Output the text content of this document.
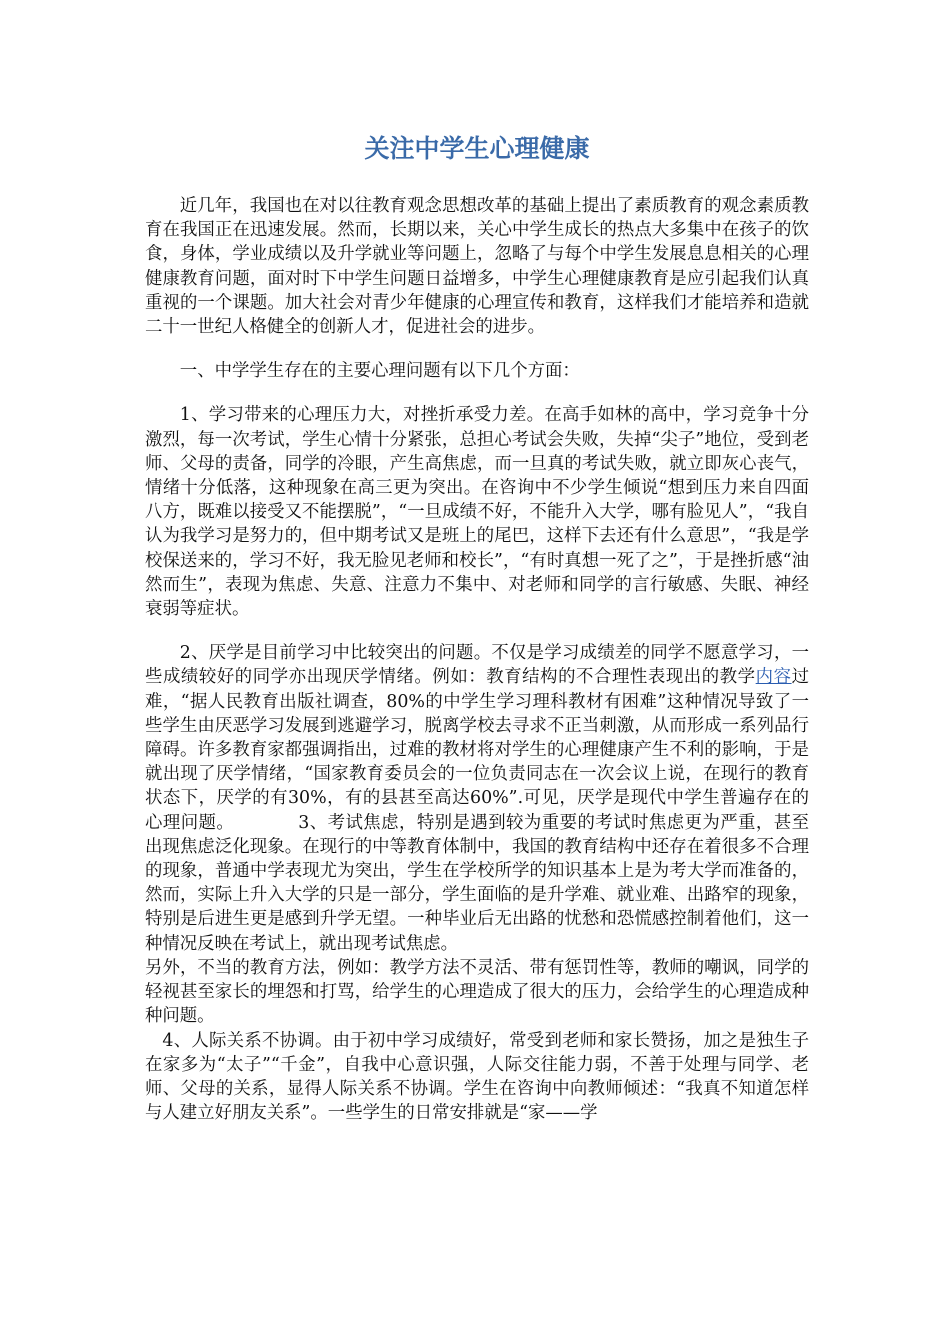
关注中学生心理健康

近几年，我国也在对以往教育观念思想改革的基础上提出了素质教育的观念素质教育在我国正在迅速发展。然而，长期以来，关心中学生成长的热点大多集中在孩子的饮食，身体，学业成绩以及升学就业等问题上，忽略了与每个中学生发展息息相关的心理健康教育问题，面对时下中学生问题日益增多，中学生心理健康教育是应引起我们认真重视的一个课题。加大社会对青少年健康的心理宣传和教育，这样我们才能培养和造就二十一世纪人格健全的创新人才，促进社会的进步。

一、中学学生存在的主要心理问题有以下几个方面：

1、学习带来的心理压力大，对挫折承受力差。在高手如林的高中，学习竞争十分激烈，每一次考试，学生心情十分紧张，总担心考试会失败，失掉“尖子”地位，受到老师、父母的责备，同学的冷眼，产生高焦虑，而一旦真的考试失败，就立即灰心丧气，情绪十分低落，这种现象在高三更为突出。在咨询中不少学生倾说“想到压力来自四面八方，既难以接受又不能摆脱”，“一旦成绩不好，不能升入大学，哪有脸见人”，“我自认为我学习是努力的，但中期考试又是班上的尾巴，这样下去还有什么意思”，“我是学校保送来的，学习不好，我无脸见老师和校长”，“有时真想一死了之”，于是挫折感“油然而生”，表现为焦虑、失意、注意力不集中、对老师和同学的言行敏感、失眠、神经衰弱等症状。

2、厌学是目前学习中比较突出的问题。不仅是学习成绩差的同学不愿意学习，一些成绩较好的同学亦出现厌学情绪。例如：教育结构的不合理性表现出的教学内容过难，“据人民教育出版社调查，80%的中学生学习理科教材有困难”这种情况导致了一些学生由厌恶学习发展到逃避学习，脱离学校去寻求不正当刺激，从而形成一系列品行障碍。许多教育家都强调指出，过难的教材将对学生的心理健康产生不利的影响，于是就出现了厌学情绪，“国家教育委员会的一位负责同志在一次会议上说，在现行的教育状态下，厌学的有30%，有的县甚至高达60%”.可见，厌学是现代中学生普遍存在的心理问题。	3、考试焦虑，特别是遇到较为重要的考试时焦虑更为严重，甚至出现焦虑泛化现象。在现行的中等教育体制中，我国的教育结构中还存在着很多不合理的现象，普通中学表现尤为突出，学生在学校所学的知识基本上是为考大学而准备的，然而，实际上升入大学的只是一部分，学生面临的是升学难、就业难、出路窄的现象，特别是后进生更是感到升学无望。一种毕业后无出路的忧愁和恐慌感控制着他们，这一种情况反映在考试上，就出现考试焦虑。

另外，不当的教育方法，例如：教学方法不灵活、带有惩罚性等，教师的嘲讽，同学的轻视甚至家长的埋怨和打骂，给学生的心理造成了很大的压力，会给学生的心理造成种种问题。

4、人际关系不协调。由于初中学习成绩好，常受到老师和家长赞扬，加之是独生子在家多为“太子”“千金”，自我中心意识强，人际交往能力弱，不善于处理与同学、老师、父母的关系，显得人际关系不协调。学生在咨询中向教师倾述：“我真不知道怎样与人建立好朋友关系”。一些学生的日常安排就是“家——学
